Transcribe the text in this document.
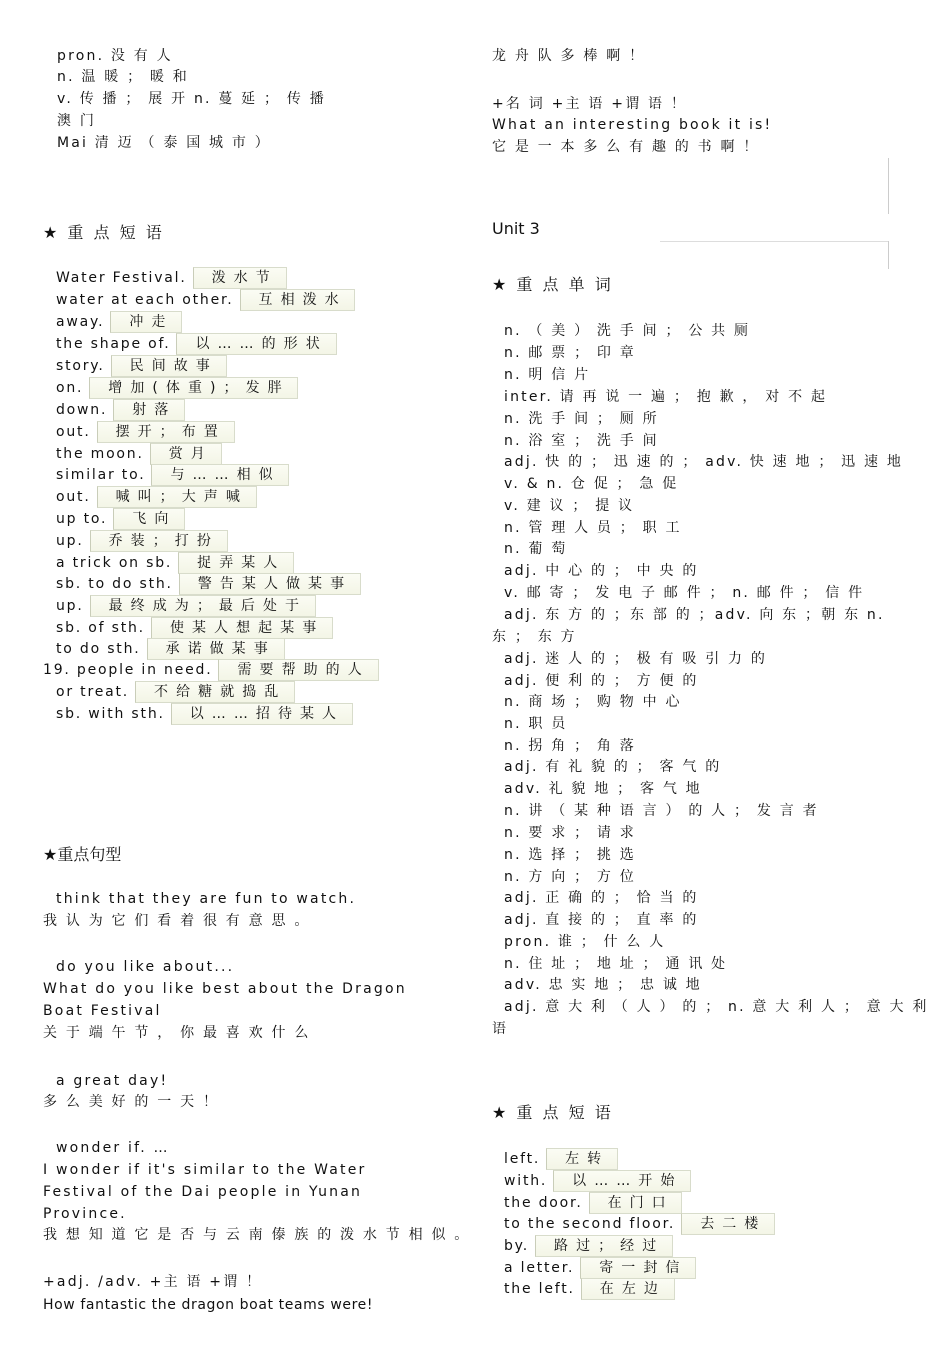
pron. 没 有 人
n. 温 暖 ； 暖 和
v. 传 播 ； 展 开 n. 蔓 延 ； 传 播
澳 门
Mai 清 迈 （ 泰 国 城 市 ）
★ 重 点 短 语
Water Festival. 泼 水 节
water at each other. 互 相 泼 水
away. 冲 走
the shape of. 以 … … 的 形 状
story. 民 间 故 事
on. 增 加 ( 体 重 ) ； 发 胖
down. 射 落
out. 摆 开 ； 布 置
the moon. 赏 月
similar to. 与 … … 相 似
out. 喊 叫 ； 大 声 喊
up to. 飞 向
up. 乔 装 ； 打 扮
a trick on sb. 捉 弄 某 人
sb. to do sth. 警 告 某 人 做 某 事
up. 最 终 成 为 ； 最 后 处 于
sb. of sth. 使 某 人 想 起 某 事
to do sth. 承 诺 做 某 事
19. people in need. 需 要 帮 助 的 人
or treat. 不 给 糖 就 捣 乱
sb. with sth. 以 … … 招 待 某 人
★重点句型
think that they are fun to watch.
我 认 为 它 们 看 着 很 有 意 思 。
do you like about...
What do you like best about the Dragon
Boat Festival
关 于 端 午 节 ， 你 最 喜 欢 什 么
a great day!
多 么 美 好 的 一 天 ！
wonder if. …
I wonder if it's similar to the Water
Festival of the Dai people in Yunan
Province.
我 想 知 道 它 是 否 与 云 南 傣 族 的 泼 水 节 相 似 。
+adj. /adv. +主 语 +谓 ！
How fantastic the dragon boat teams were!
龙 舟 队 多 棒 啊 ！
+名 词 +主 语 +谓 语 ！
What an interesting book it is!
它 是 一 本 多 么 有 趣 的 书 啊 ！
Unit 3
★ 重 点 单 词
n. （ 美 ） 洗 手 间 ； 公 共 厕
n. 邮 票 ； 印 章
n. 明 信 片
inter. 请 再 说 一 遍 ； 抱 歉 ， 对 不 起
n. 洗 手 间 ； 厕 所
n. 浴 室 ； 洗 手 间
adj. 快 的 ； 迅 速 的 ； adv. 快 速 地 ； 迅 速 地
v. & n. 仓 促 ； 急 促
v. 建 议 ； 提 议
n. 管 理 人 员 ； 职 工
n. 葡 萄
adj. 中 心 的 ； 中 央 的
v. 邮 寄 ； 发 电 子 邮 件 ； n. 邮 件 ； 信 件
adj. 东 方 的 ；东 部 的 ；adv. 向 东 ；朝 东 n.
东 ； 东 方
adj. 迷 人 的 ； 极 有 吸 引 力 的
adj. 便 利 的 ； 方 便 的
n. 商 场 ； 购 物 中 心
n. 职 员
n. 拐 角 ； 角 落
adj. 有 礼 貌 的 ； 客 气 的
adv. 礼 貌 地 ； 客 气 地
n. 讲 （ 某 种 语 言 ） 的 人 ； 发 言 者
n. 要 求 ； 请 求
n. 选 择 ； 挑 选
n. 方 向 ； 方 位
adj. 正 确 的 ； 恰 当 的
adj. 直 接 的 ； 直 率 的
pron. 谁 ； 什 么 人
n. 住 址 ； 地 址 ； 通 讯 处
adv. 忠 实 地 ； 忠 诚 地
adj. 意 大 利 （ 人 ） 的 ； n. 意 大 利 人 ； 意 大 利
语
★ 重 点 短 语
left. 左 转
with. 以 … … 开 始
the door. 在 门 口
to the second floor. 去 二 楼
by. 路 过 ； 经 过
a letter. 寄 一 封 信
the left. 在 左 边
